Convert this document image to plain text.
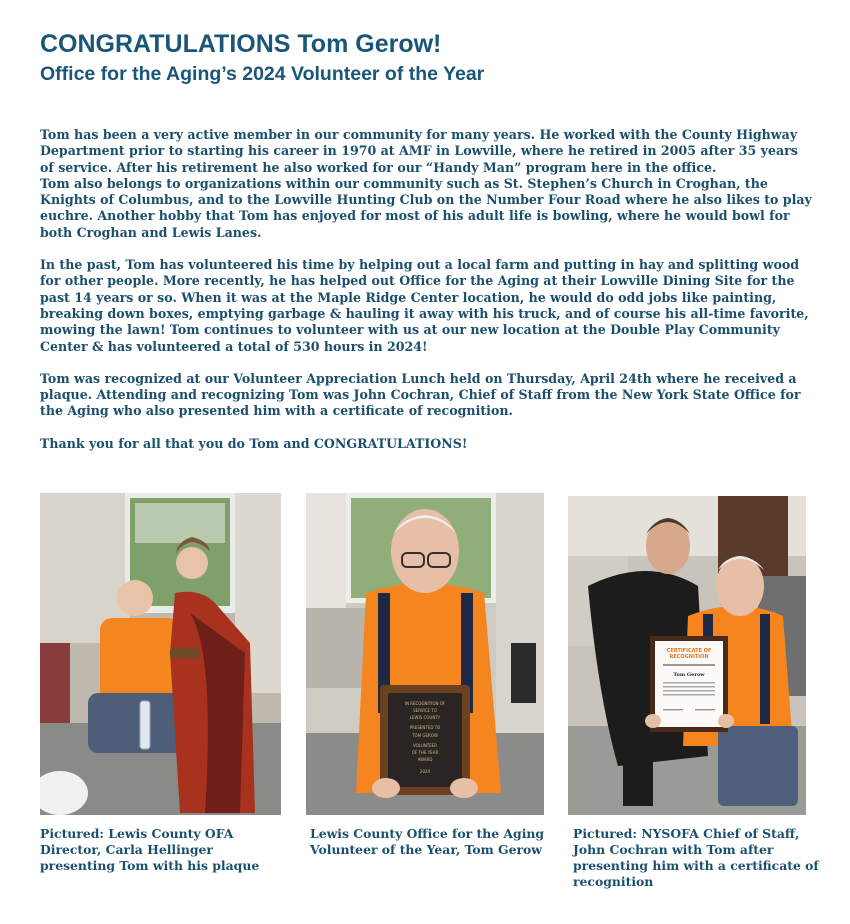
CONGRATULATIONS Tom Gerow!
Office for the Aging’s 2024 Volunteer of the Year

Tom has been a very active member in our community for many years. He worked with the County Highway Department prior to starting his career in 1970 at AMF in Lowville, where he retired in 2005 after 35 years of service. After his retirement he also worked for our “Handy Man” program here in the office.

Tom also belongs to organizations within our community such as St. Stephen’s Church in Croghan, the Knights of Columbus, and to the Lowville Hunting Club on the Number Four Road where he also likes to play euchre. Another hobby that Tom has enjoyed for most of his adult life is bowling, where he would bowl for both Croghan and Lewis Lanes.

In the past, Tom has volunteered his time by helping out a local farm and putting in hay and splitting wood for other people. More recently, he has helped out Office for the Aging at their Lowville Dining Site for the past 14 years or so. When it was at the Maple Ridge Center location, he would do odd jobs like painting, breaking down boxes, emptying garbage & hauling it away with his truck, and of course his all-time favorite, mowing the lawn! Tom continues to volunteer with us at our new location at the Double Play Community Center & has volunteered a total of 530 hours in 2024!

Tom was recognized at our Volunteer Appreciation Lunch held on Thursday, April 24th where he received a plaque. Attending and recognizing Tom was John Cochran, Chief of Staff from the New York State Office for the Aging who also presented him with a certificate of recognition.

Thank you for all that you do Tom and CONGRATULATIONS!

Pictured: Lewis County OFA Director, Carla Hellinger presenting Tom with his plaque
IN RECOGNITION OF
SERVICE TO
LEWIS COUNTY
PRESENTED TO
TOM GEROW
VOLUNTEER
OF THE YEAR
AWARD
2024
Lewis County Office for the Aging Volunteer of the Year, Tom Gerow
CERTIFICATE OF
RECOGNITION
Tom Gerow
Pictured: NYSOFA Chief of Staff, John Cochran with Tom after presenting him with a certificate of recognition
